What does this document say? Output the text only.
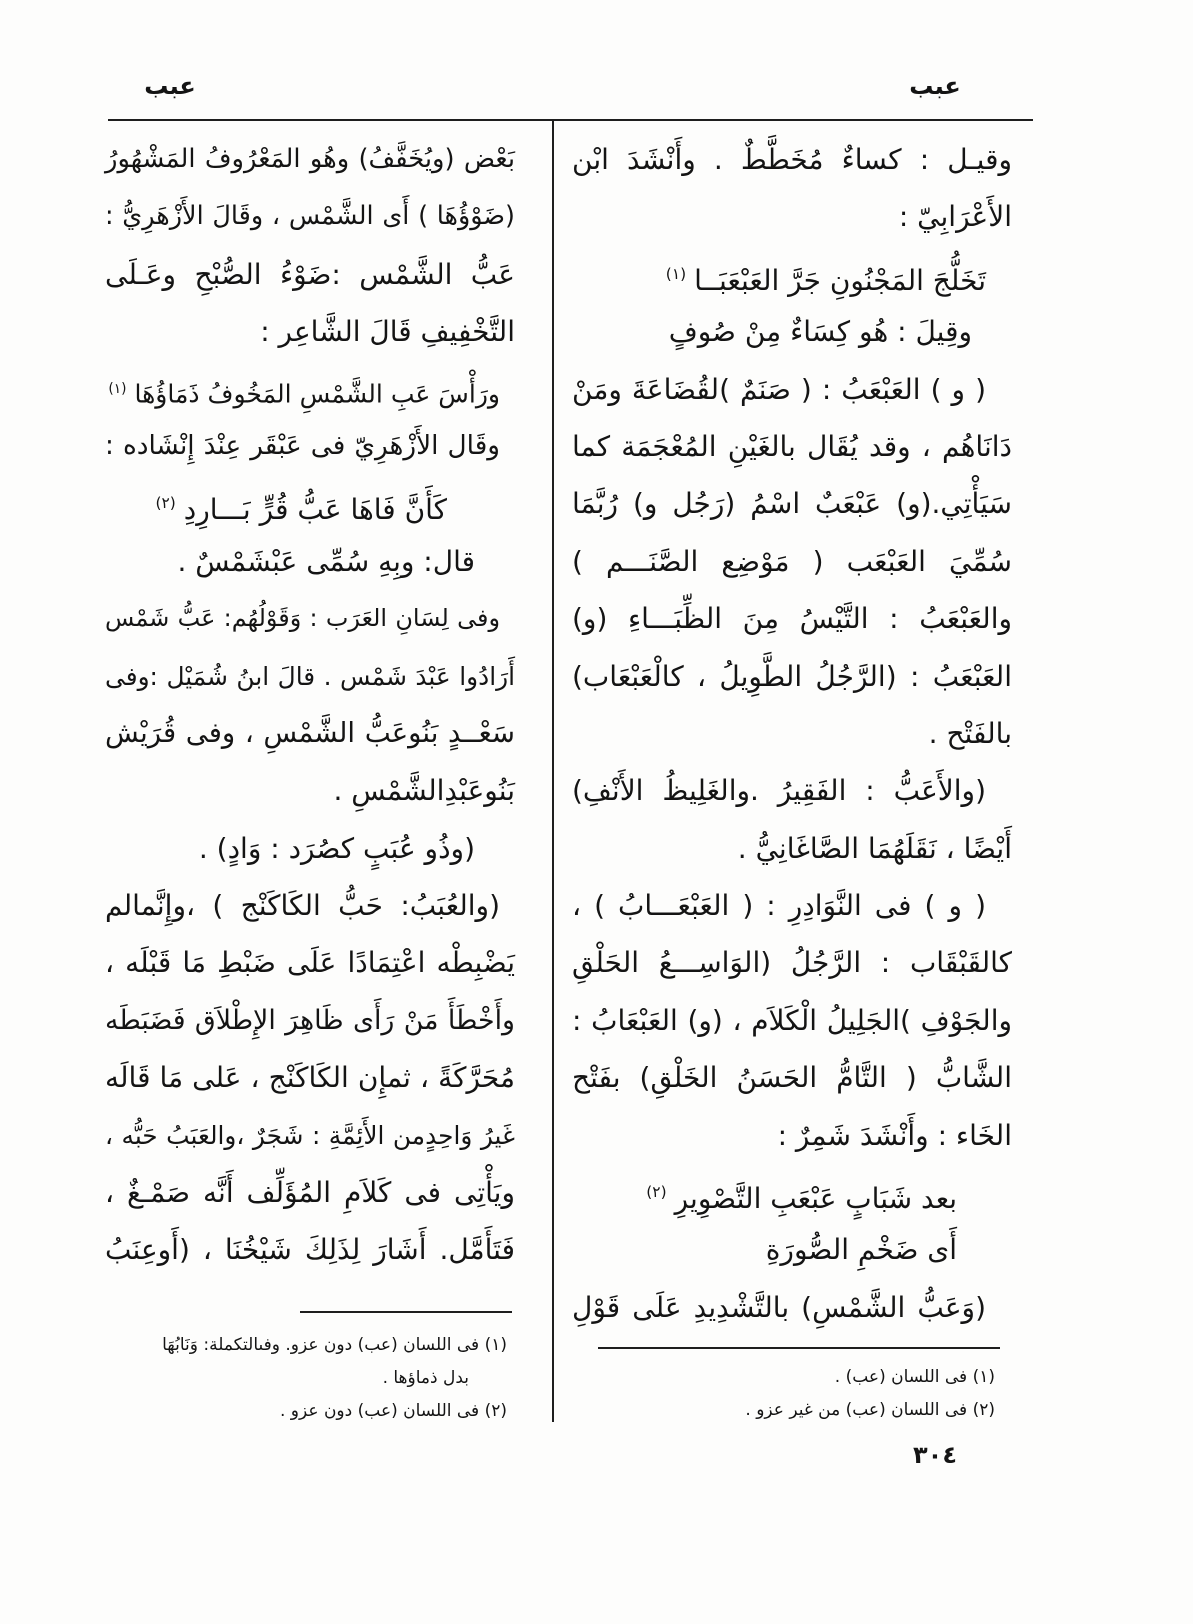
عبب
عبب
وقيـل : كساءٌ مُخَطَّطٌ . وأَنْشَدَ ابْن
الأَعْرَابِيّ :
تَخَلُّجَ المَجْنُونِ جَرَّ العَبْعَبَــا$^{(١)}$
وقِيلَ : هُو كِسَاءٌ مِنْ صُوفٍ
( و ) العَبْعَبُ : ( صَنَمٌ )لقُضَاعَةَ ومَنْ
دَانَاهُم ، وقد يُقَال بالغَيْنِ المُعْجَمَة كما
سَيَأْتِي.(و) عَبْعَبٌ اسْمُ (رَجُل و) رُبَّمَا
سُمِّيَ العَبْعَب ( مَوْضِع الصَّنَـــم )
والعَبْعَبُ : التَّيْسُ مِنَ الظِّبَـــاءِ (و)
العَبْعَبُ : (الرَّجُلُ الطَّوِيلُ ، كالْعَبْعَاب)
بالفَتْح .
(والأَعَبُّ : الفَقِيرُ .والغَلِيظُ الأَنْفِ)
أَيْضًا ، نَقَلَهُمَا الصَّاغَانِيُّ .
( و ) فى النَّوَادِرِ : ( العَبْعَـــابُ ) ،
كالقَبْقَاب : الرَّجُلُ (الوَاسِـــعُ الحَلْقِ
والجَوْفِ )الجَلِيلُ الْكَلاَم ، (و) العَبْعَابُ :
الشَّابُّ ( التَّامُّ الحَسَنُ الخَلْقِ) بفَتْح
الخَاء : وأَنْشَدَ شَمِرٌ :
بعد شَبَابٍ عَبْعَبِ التَّصْوِيرِ$^{(٢)}$
أَى ضَخْمِ الصُّورَةِ
(وَعَبُّ الشَّمْسِ) بالتَّشْدِيدِ عَلَى قَوْلِ
(١) فى اللسان (عب) .
(٢) فى اللسان (عب) من غير عزو .
بَعْض (ويُخَفَّفُ) وهُو المَعْرُوفُ المَشْهُورُ
(ضَوْؤُهَا ) أَى الشَّمْس ، وقَالَ الأَزْهَرِيُّ :
عَبُّ الشَّمْس :ضَوْءُ الصُّبْحِ وعَـلَى
التَّخْفِيفِ قَالَ الشَّاعِر :
ورَأْسَ عَبِ الشَّمْسِ المَخُوفُ ذَمَاؤُهَا$^{(١)}$
وقَال الأَزْهَرِيّ فى عَبْقَر عِنْدَ إِنْشَاده :
كَأَنَّ فَاهَا عَبُّ قُرٍّ بَـــارِدِ$^{(٢)}$
قال: وبِهِ سُمِّى عَبْشَمْسٌ .
وفى لِسَانِ العَرَب : وَقَوْلُهُم: عَبُّ شَمْس
أَرَادُوا عَبْدَ شَمْس . قالَ ابنُ شُمَيْل :وفى
سَعْــدٍ بَنُوعَبُّ الشَّمْسِ ، وفى قُرَيْش
بَنُوعَبْدِالشَّمْسِ .
(وذُو عُبَبٍ كصُرَد : وَادٍ) .
(والعُبَبُ: حَبُّ الكَاكَنْج ) ،وإِنَّمالم
يَضْبِطْه اعْتِمَادًا عَلَى ضَبْطِ مَا قَبْلَه ،
وأَخْطَأَ مَنْ رَأَى ظَاهِرَ الإِطْلاَق فَضَبَطَه
مُحَرَّكَةً ، ثمإِن الكَاكَنْج ، عَلى مَا قَالَه
غَيرُ وَاحِدٍمن الأَئِمَّةِ : شَجَرٌ ،والعَبَبُ حَبُّه ،
ويَأْتِى فى كَلاَمِ المُؤَلِّف أَنَّه صَمْـغٌ ،
فَتَأَمَّل. أَشَارَ لِذَلِكَ شَيْخُنَا ، (أَوعِنَبُ
(١) فى اللسان (عب) دون عزو. وفىالتكملة: وَنَابُهَا
بدل ذماؤها .
(٢) فى اللسان (عب) دون عزو .
٣٠٤
